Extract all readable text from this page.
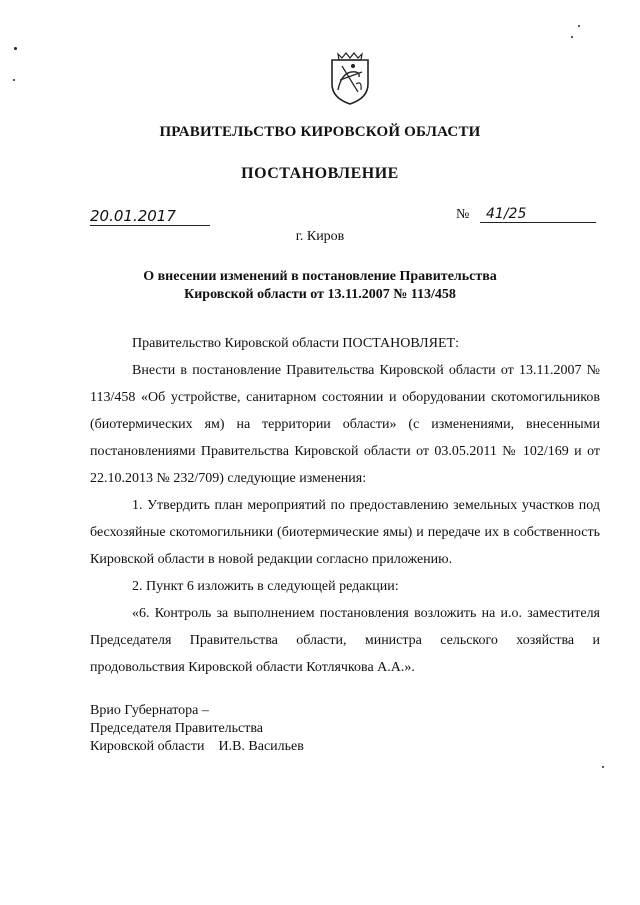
ПРАВИТЕЛЬСТВО КИРОВСКОЙ ОБЛАСТИ
ПОСТАНОВЛЕНИЕ
20.01.2017	№ 41/25
г. Киров
О внесении изменений в постановление Правительства
Кировской области от 13.11.2007 № 113/458

Правительство Кировской области ПОСТАНОВЛЯЕТ:

Внести в постановление Правительства Кировской области от 13.11.2007 № 113/458 «Об устройстве, санитарном состоянии и оборудовании скотомогильников (биотермических ям) на территории области» (с изменениями, внесенными постановлениями Правительства Кировской области от 03.05.2011 № 102/169 и от 22.10.2013 № 232/709) следующие изменения:

1. Утвердить план мероприятий по предоставлению земельных участков под бесхозяйные скотомогильники (биотермические ямы) и передаче их в собственность Кировской области в новой редакции согласно приложению.

2. Пункт 6 изложить в следующей редакции:

«6. Контроль за выполнением постановления возложить на и.о. заместителя Председателя Правительства области, министра сельского хозяйства и продовольствия Кировской области Котлячкова А.А.».

Врио Губернатора –
Председателя Правительства
Кировской области И.В. Васильев
